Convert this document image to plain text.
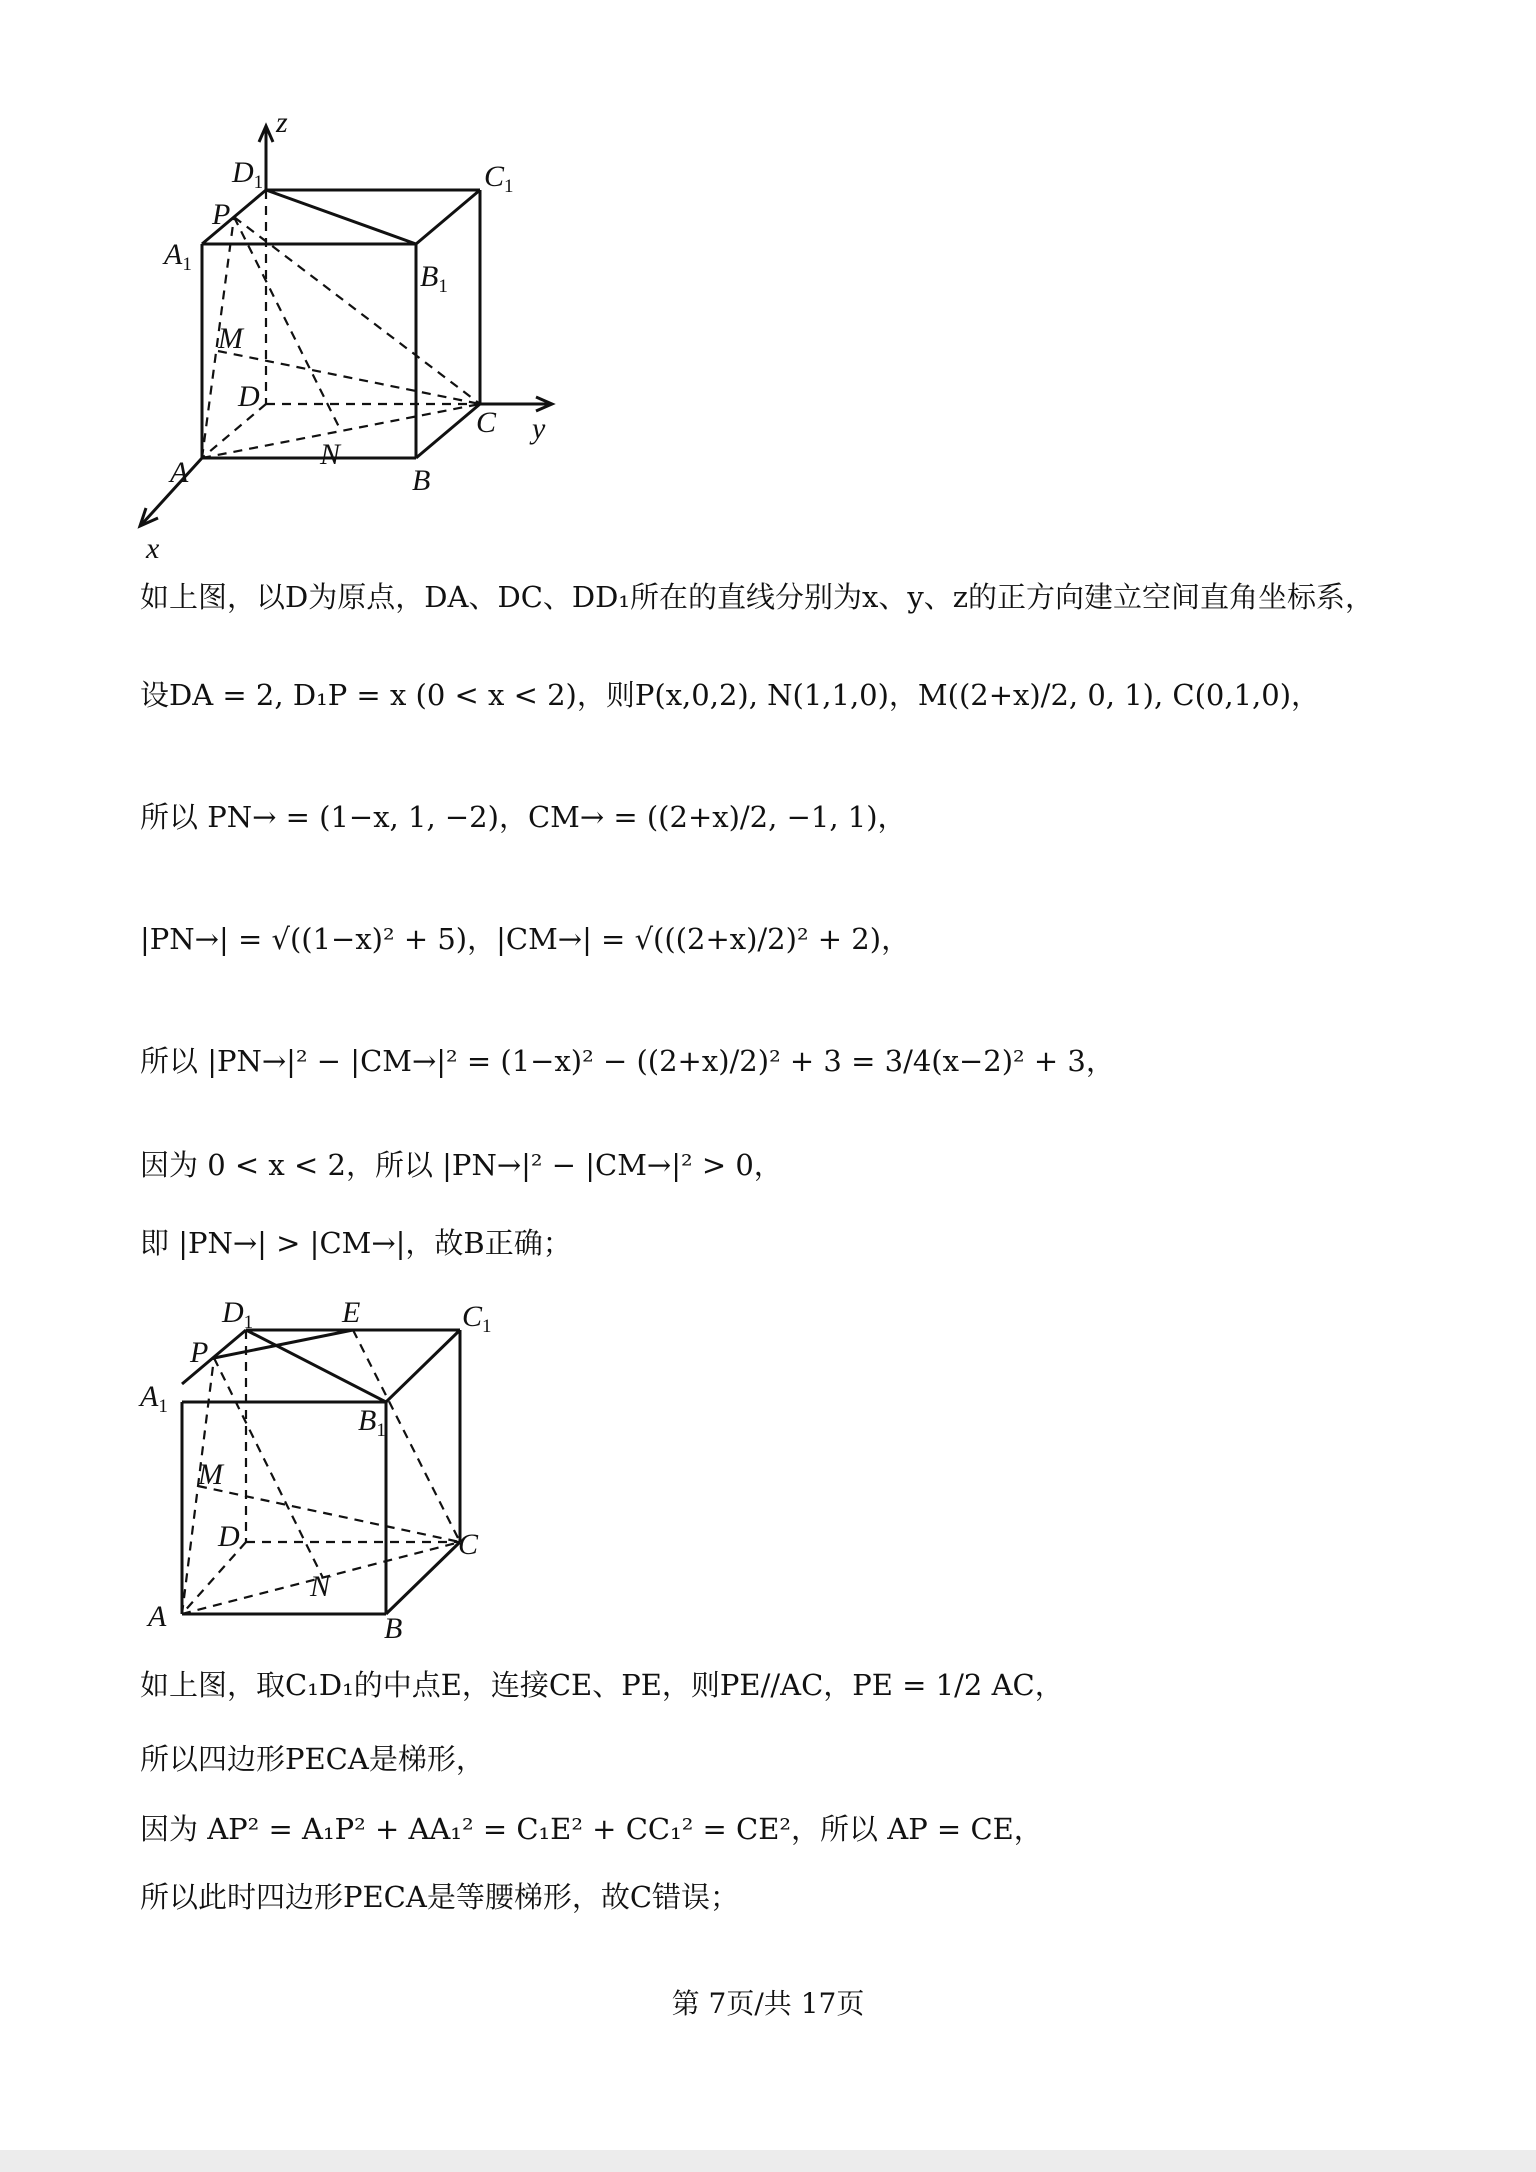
z
y
x
$D_1$	$C_1$
$A_1$	$B_1$
P
M
D
C
N
A	B
如上图，以D为原点，DA、DC、DD₁所在的直线分别为x、y、z的正方向建立空间直角坐标系，
设DA = 2, D₁P = x (0 < x < 2)，则P(x,0,2), N(1,1,0)，M((2+x)/2, 0, 1), C(0,1,0)，
所以 PN→ = (1−x, 1, −2)，CM→ = ((2+x)/2, −1, 1)，
|PN→| = √((1−x)² + 5)，|CM→| = √(((2+x)/2)² + 2)，
所以 |PN→|² − |CM→|² = (1−x)² − ((2+x)/2)² + 3 = 3/4(x−2)² + 3，
因为 0 < x < 2，所以 |PN→|² − |CM→|² > 0，
即 |PN→| > |CM→|，故B正确；
$D_1$	E	$C_1$
P
$A_1$	$B_1$
M
D	C
N
A	B
如上图，取C₁D₁的中点E，连接CE、PE，则PE//AC，PE = 1/2 AC，
所以四边形PECA是梯形，
因为 AP² = A₁P² + AA₁² = C₁E² + CC₁² = CE²，所以 AP = CE，
所以此时四边形PECA是等腰梯形，故C错误；
第 7页/共 17页
